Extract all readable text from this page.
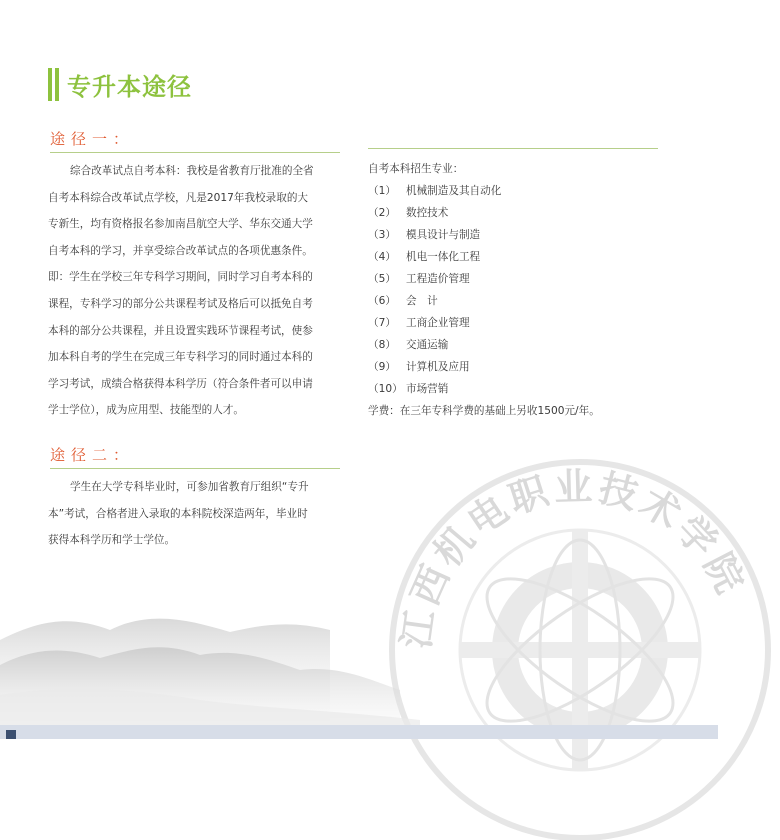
江西机电职业技术学院
专升本途径
途径一：
综合改革试点自考本科：我校是省教育厅批准的全省
自考本科综合改革试点学校，凡是2017年我校录取的大
专新生，均有资格报名参加南昌航空大学、华东交通大学
自考本科的学习，并享受综合改革试点的各项优惠条件。
即：学生在学校三年专科学习期间，同时学习自考本科的
课程，专科学习的部分公共课程考试及格后可以抵免自考
本科的部分公共课程，并且设置实践环节课程考试，使参
加本科自考的学生在完成三年专科学习的同时通过本科的
学习考试，成绩合格获得本科学历（符合条件者可以申请
学士学位），成为应用型、技能型的人才。
途径二：
学生在大学专科毕业时，可参加省教育厅组织“专升
本”考试，合格者进入录取的本科院校深造两年，毕业时
获得本科学历和学士学位。
自考本科招生专业：
（1） 机械制造及其自动化
（2） 数控技术
（3） 模具设计与制造
（4） 机电一体化工程
（5） 工程造价管理
（6） 会　计
（7） 工商企业管理
（8） 交通运输
（9） 计算机及应用
（10） 市场营销
学费：在三年专科学费的基础上另收1500元/年。
